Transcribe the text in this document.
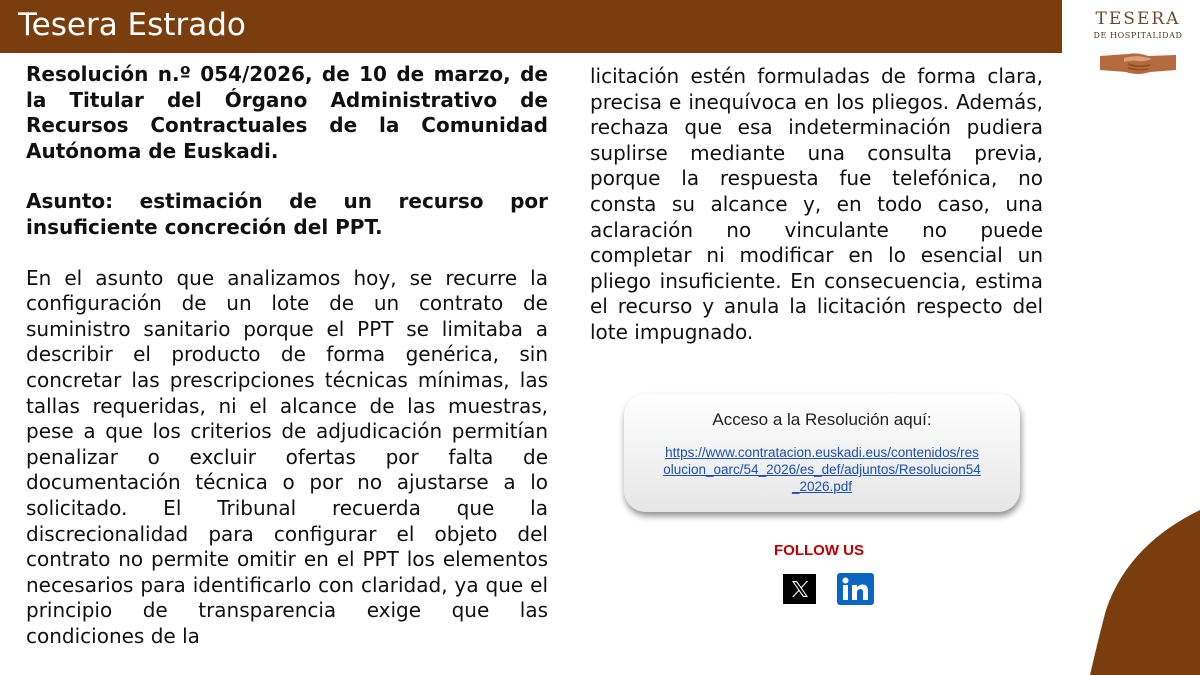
Tesera Estrado	TESERA
DE HOSPITALIDAD

Resolución n.º 054/2026, de 10 de marzo, de la Titular del Órgano Administrativo de Recursos Contractuales de la Comunidad Autónoma de Euskadi.

Asunto: estimación de un recurso por insuficiente concreción del PPT.

En el asunto que analizamos hoy, se recurre la configuración de un lote de un contrato de suministro sanitario porque el PPT se limitaba a describir el producto de forma genérica, sin concretar las prescripciones técnicas mínimas, las tallas requeridas, ni el alcance de las muestras, pese a que los criterios de adjudicación permitían penalizar o excluir ofertas por falta de documentación técnica o por no ajustarse a lo solicitado. El Tribunal recuerda que la discrecionalidad para configurar el objeto del contrato no permite omitir en el PPT los elementos necesarios para identificarlo con claridad, ya que el principio de transparencia exige que las condiciones de la

licitación estén formuladas de forma clara, precisa e inequívoca en los pliegos. Además, rechaza que esa indeterminación pudiera suplirse mediante una consulta previa, porque la respuesta fue telefónica, no consta su alcance y, en todo caso, una aclaración no vinculante no puede completar ni modificar en lo esencial un pliego insuficiente. En consecuencia, estima el recurso y anula la licitación respecto del lote impugnado.

Acceso a la Resolución aquí:
https://www.contratacion.euskadi.eus/contenidos/resolucion_oarc/54_2026/es_def/adjuntos/Resolucion54_2026.pdf
FOLLOW US
